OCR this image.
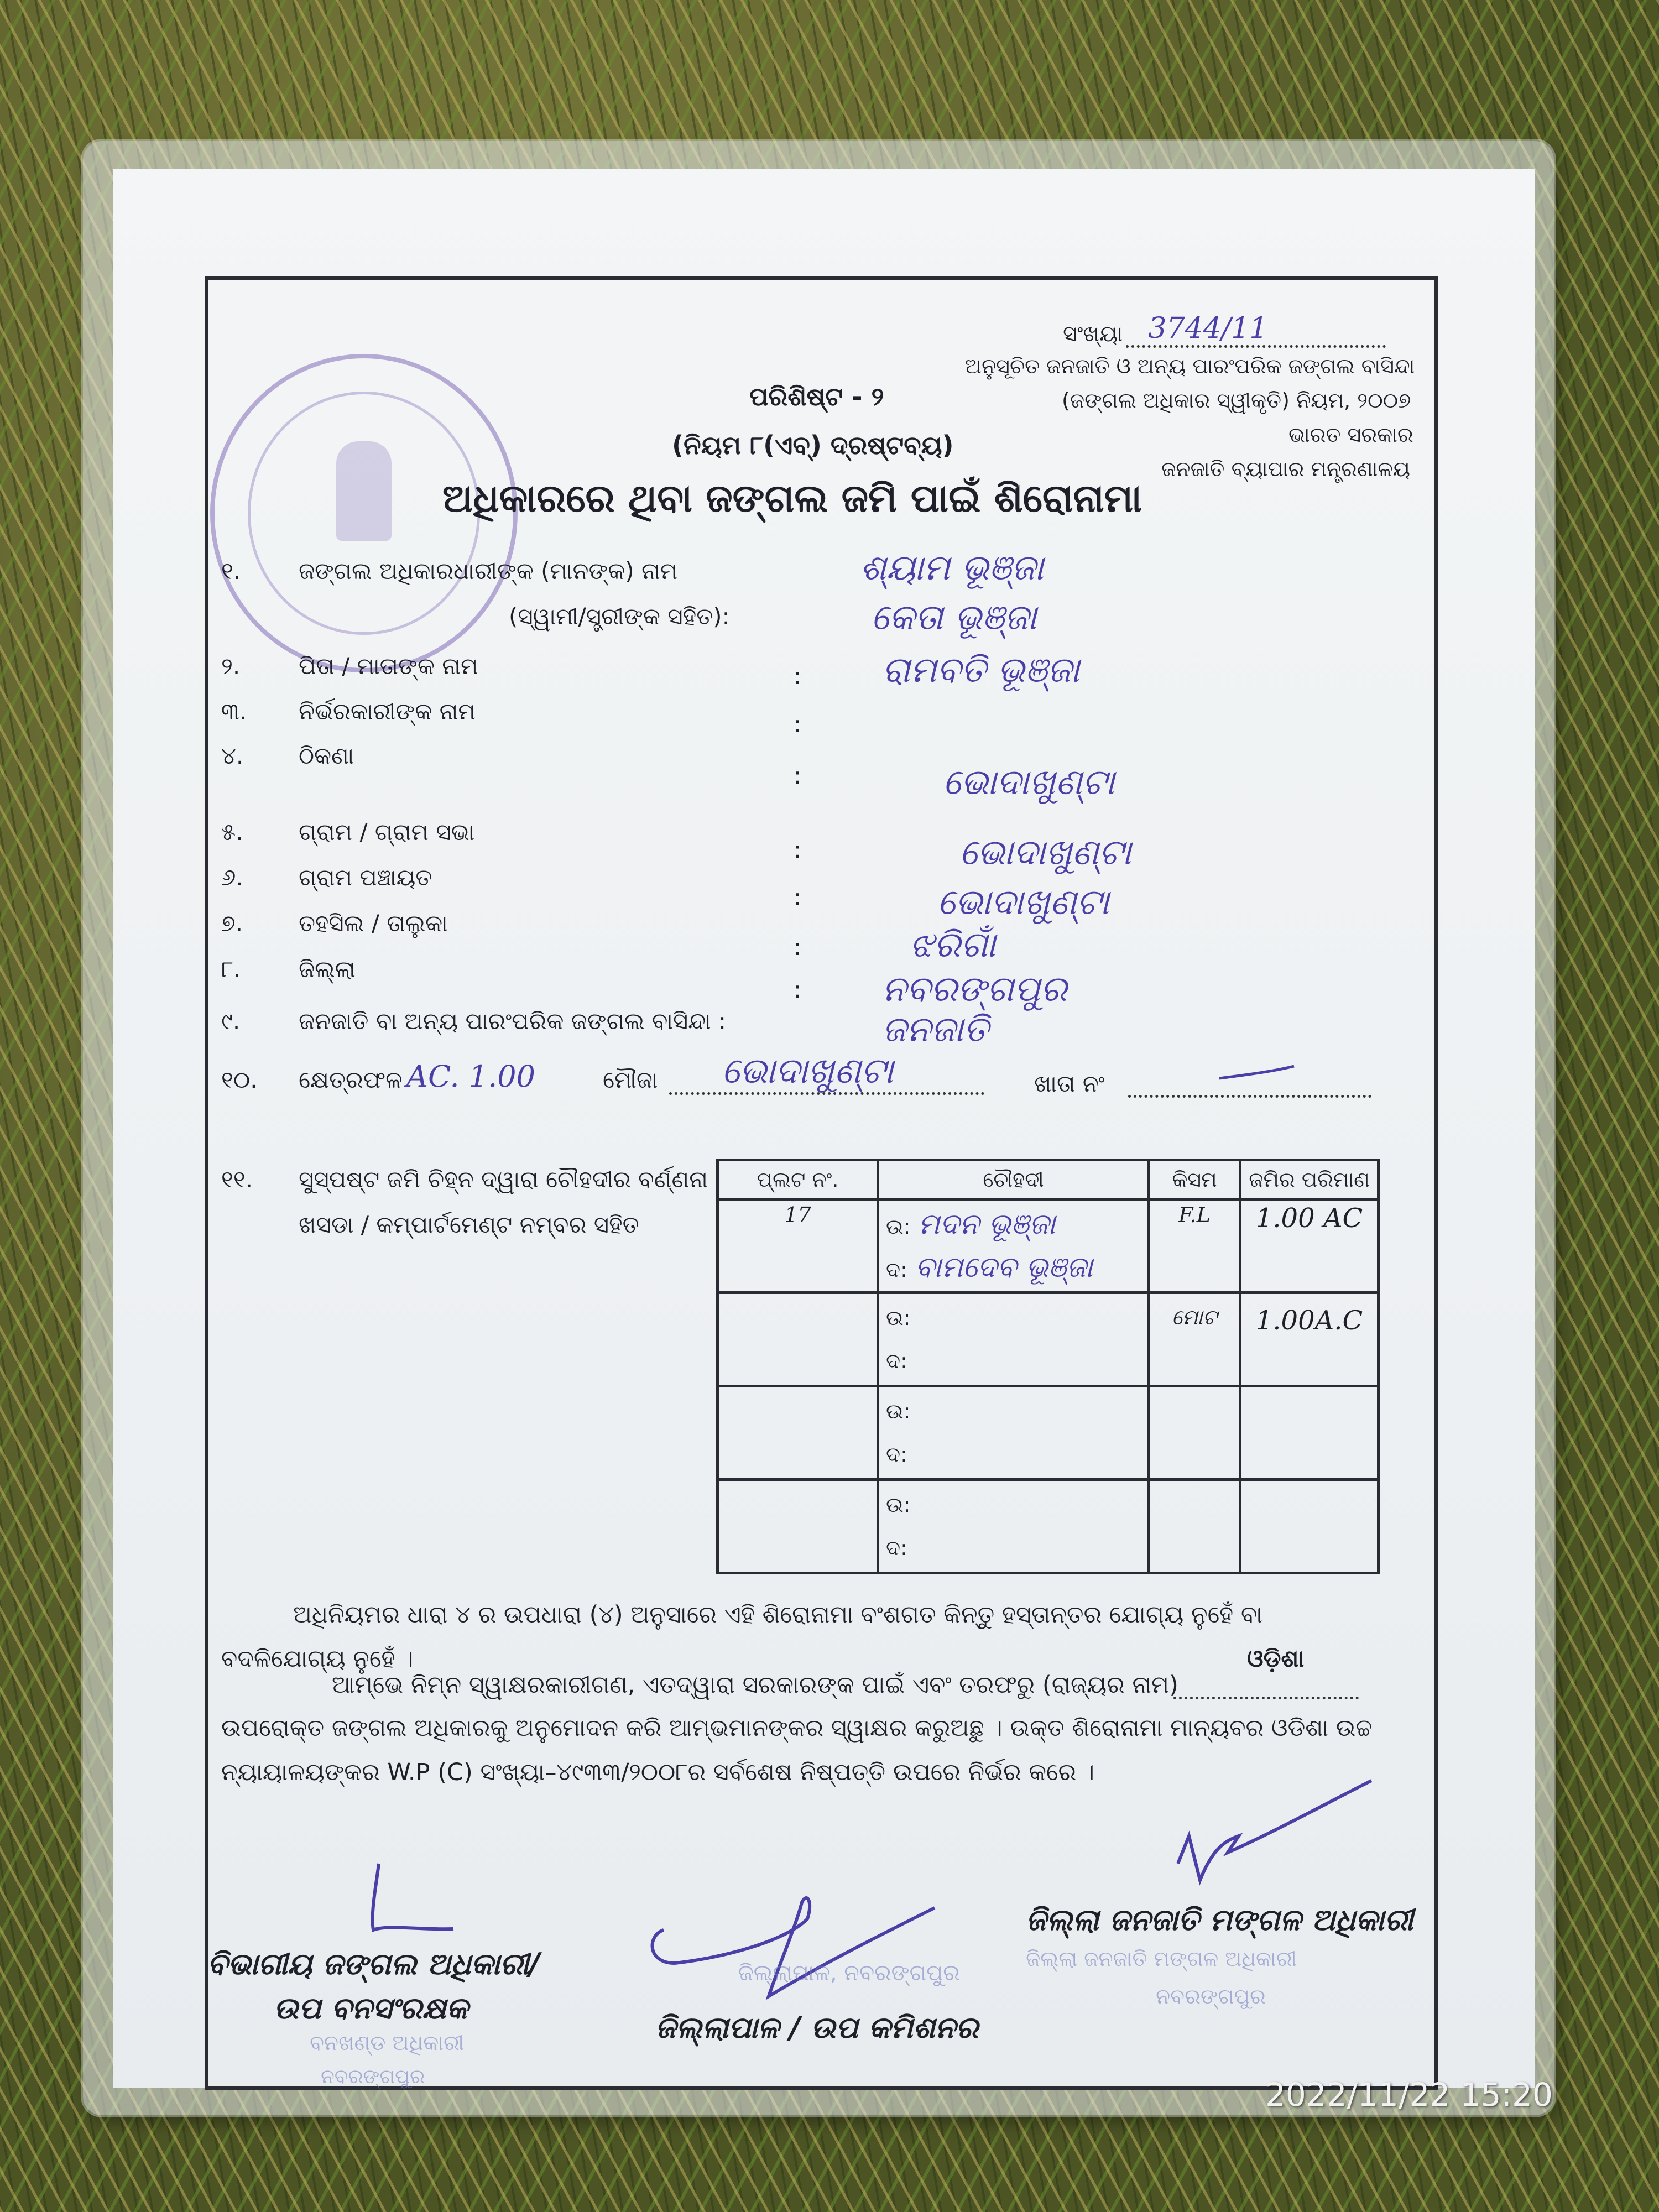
ସଂଖ୍ୟା 3744/11
ଅନୁସୂଚିତ ଜନଜାତି ଓ ଅନ୍ୟ ପାରଂପରିକ ଜଙ୍ଗଲ ବାସିନ୍ଦା
(ଜଙ୍ଗଲ ଅଧିକାର ସ୍ୱୀକୃତି) ନିୟମ, ୨୦୦୭
ଭାରତ ସରକାର
ଜନଜାତି ବ୍ୟାପାର ମନ୍ତ୍ରଣାଳୟ
ପରିଶିଷ୍ଟ - ୨
(ନିୟମ ୮(ଏବ୍) ଦ୍ରଷ୍ଟବ୍ୟ)
ଅଧିକାରରେ ଥିବା ଜଙ୍ଗଲ ଜମି ପାଇଁ ଶିରୋନାମା
୧. ଜଙ୍ଗଲ ଅଧିକାରଧାରୀଙ୍କ (ମାନଙ୍କ) ନାମ	ଶ୍ୟାମ ଭୂଞ୍ଜା
(ସ୍ୱାମୀ/ସ୍ତ୍ରୀଙ୍କ ସହିତ):	କେତା ଭୂଞ୍ଜା
୨.	ପିତା / ମାତାଙ୍କ ନାମ	: ରାମବତି ଭୂଞ୍ଜା
୩. ନିର୍ଭରକାରୀଙ୍କ ନାମ	:
୪. ଠିକଣା
:	ଭୋଦାଖୁଣ୍ଟା
୫. ଗ୍ରାମ / ଗ୍ରାମ ସଭା
:	ଭୋଦାଖୁଣ୍ଟା
୬. ଗ୍ରାମ ପଞ୍ଚାୟତ
:	ଭୋଦାଖୁଣ୍ଟା
୭. ତହସିଲ / ତାଲୁକା
:	ଝରିଗାଁ
୮. ଜିଲ୍ଲା
: ନବରଙ୍ଗପୁର
୯.	ଜନଜାତି ବା ଅନ୍ୟ ପାରଂପରିକ ଜଙ୍ଗଲ ବାସିନ୍ଦା :	ଜନଜାତି
୧୦. କ୍ଷେତ୍ରଫଳ AC. 1.00	ମୌଜା ଭୋଦାଖୁଣ୍ଟା	ଖାତା ନଂ
୧୧. ସୁସ୍ପଷ୍ଟ ଜମି ଚିହ୍ନ ଦ୍ୱାରା ଚୌହଦୀର ବର୍ଣ୍ଣନା
ଖସଡା / କମ୍ପାର୍ଟମେଣ୍ଟ ନମ୍ବର ସହିତ
ପ୍ଲଟ ନଂ.	ଚୌହଦୀ	କିସମ	ଜମିର ପରିମାଣ
17	ଉ: ମଦନ ଭୂଞ୍ଜା
ଦ: ବାମଦେବ ଭୂଞ୍ଜା	F.L	1.00 AC

	ଉ:
ଦ:	ମୋଟ	1.00A.C

	ଉ:
ଦ:		

	ଉ:
ଦ:		

ଅଧିନିୟମର ଧାରା ୪ ର ଉପଧାରା (୪) ଅନୁସାରେ ଏହି ଶିରୋନାମା ବଂଶଗତ କିନ୍ତୁ ହସ୍ତାନ୍ତର ଯୋଗ୍ୟ ନୁହେଁ ବା
ବଦଳିଯୋଗ୍ୟ ନୁହେଁ ।	ଓଡ଼ିଶା
ଆମ୍ଭେ ନିମ୍ନ ସ୍ୱାକ୍ଷରକାରୀଗଣ, ଏତଦ୍ୱାରା ସରକାରଙ୍କ ପାଇଁ ଏବଂ ତରଫରୁ (ରାଜ୍ୟର ନାମ)
ଉପରୋକ୍ତ ଜଙ୍ଗଲ ଅଧିକାରକୁ ଅନୁମୋଦନ କରି ଆମ୍ଭମାନଙ୍କର ସ୍ୱାକ୍ଷର କରୁଅଛୁ । ଉକ୍ତ ଶିରୋନାମା ମାନ୍ୟବର ଓଡିଶା ଉଚ୍ଚ
ନ୍ୟାୟାଳୟଙ୍କର W.P (C) ସଂଖ୍ୟା–୪୯୩୩/୨୦୦୮ର ସର୍ବଶେଷ ନିଷ୍ପତ୍ତି ଉପରେ ନିର୍ଭର କରେ ।
ବିଭାଗୀୟ ଜଙ୍ଗଲ ଅଧିକାରୀ/
ଉପ ବନସଂରକ୍ଷକ
ବନଖଣ୍ଡ ଅଧିକାରୀ
ନବରଙ୍ଗପୁର
ଜିଲ୍ଲାପାଳ, ନବରଙ୍ଗପୁର
ଜିଲ୍ଲାପାଳ / ଉପ କମିଶନର
ଜିଲ୍ଲା ଜନଜାତି ମଙ୍ଗଳ ଅଧିକାରୀ
ଜିଲ୍ଲା ଜନଜାତି ମଙ୍ଗଳ ଅଧିକାରୀ
ନବରଙ୍ଗପୁର
2022/11/22 15:20
